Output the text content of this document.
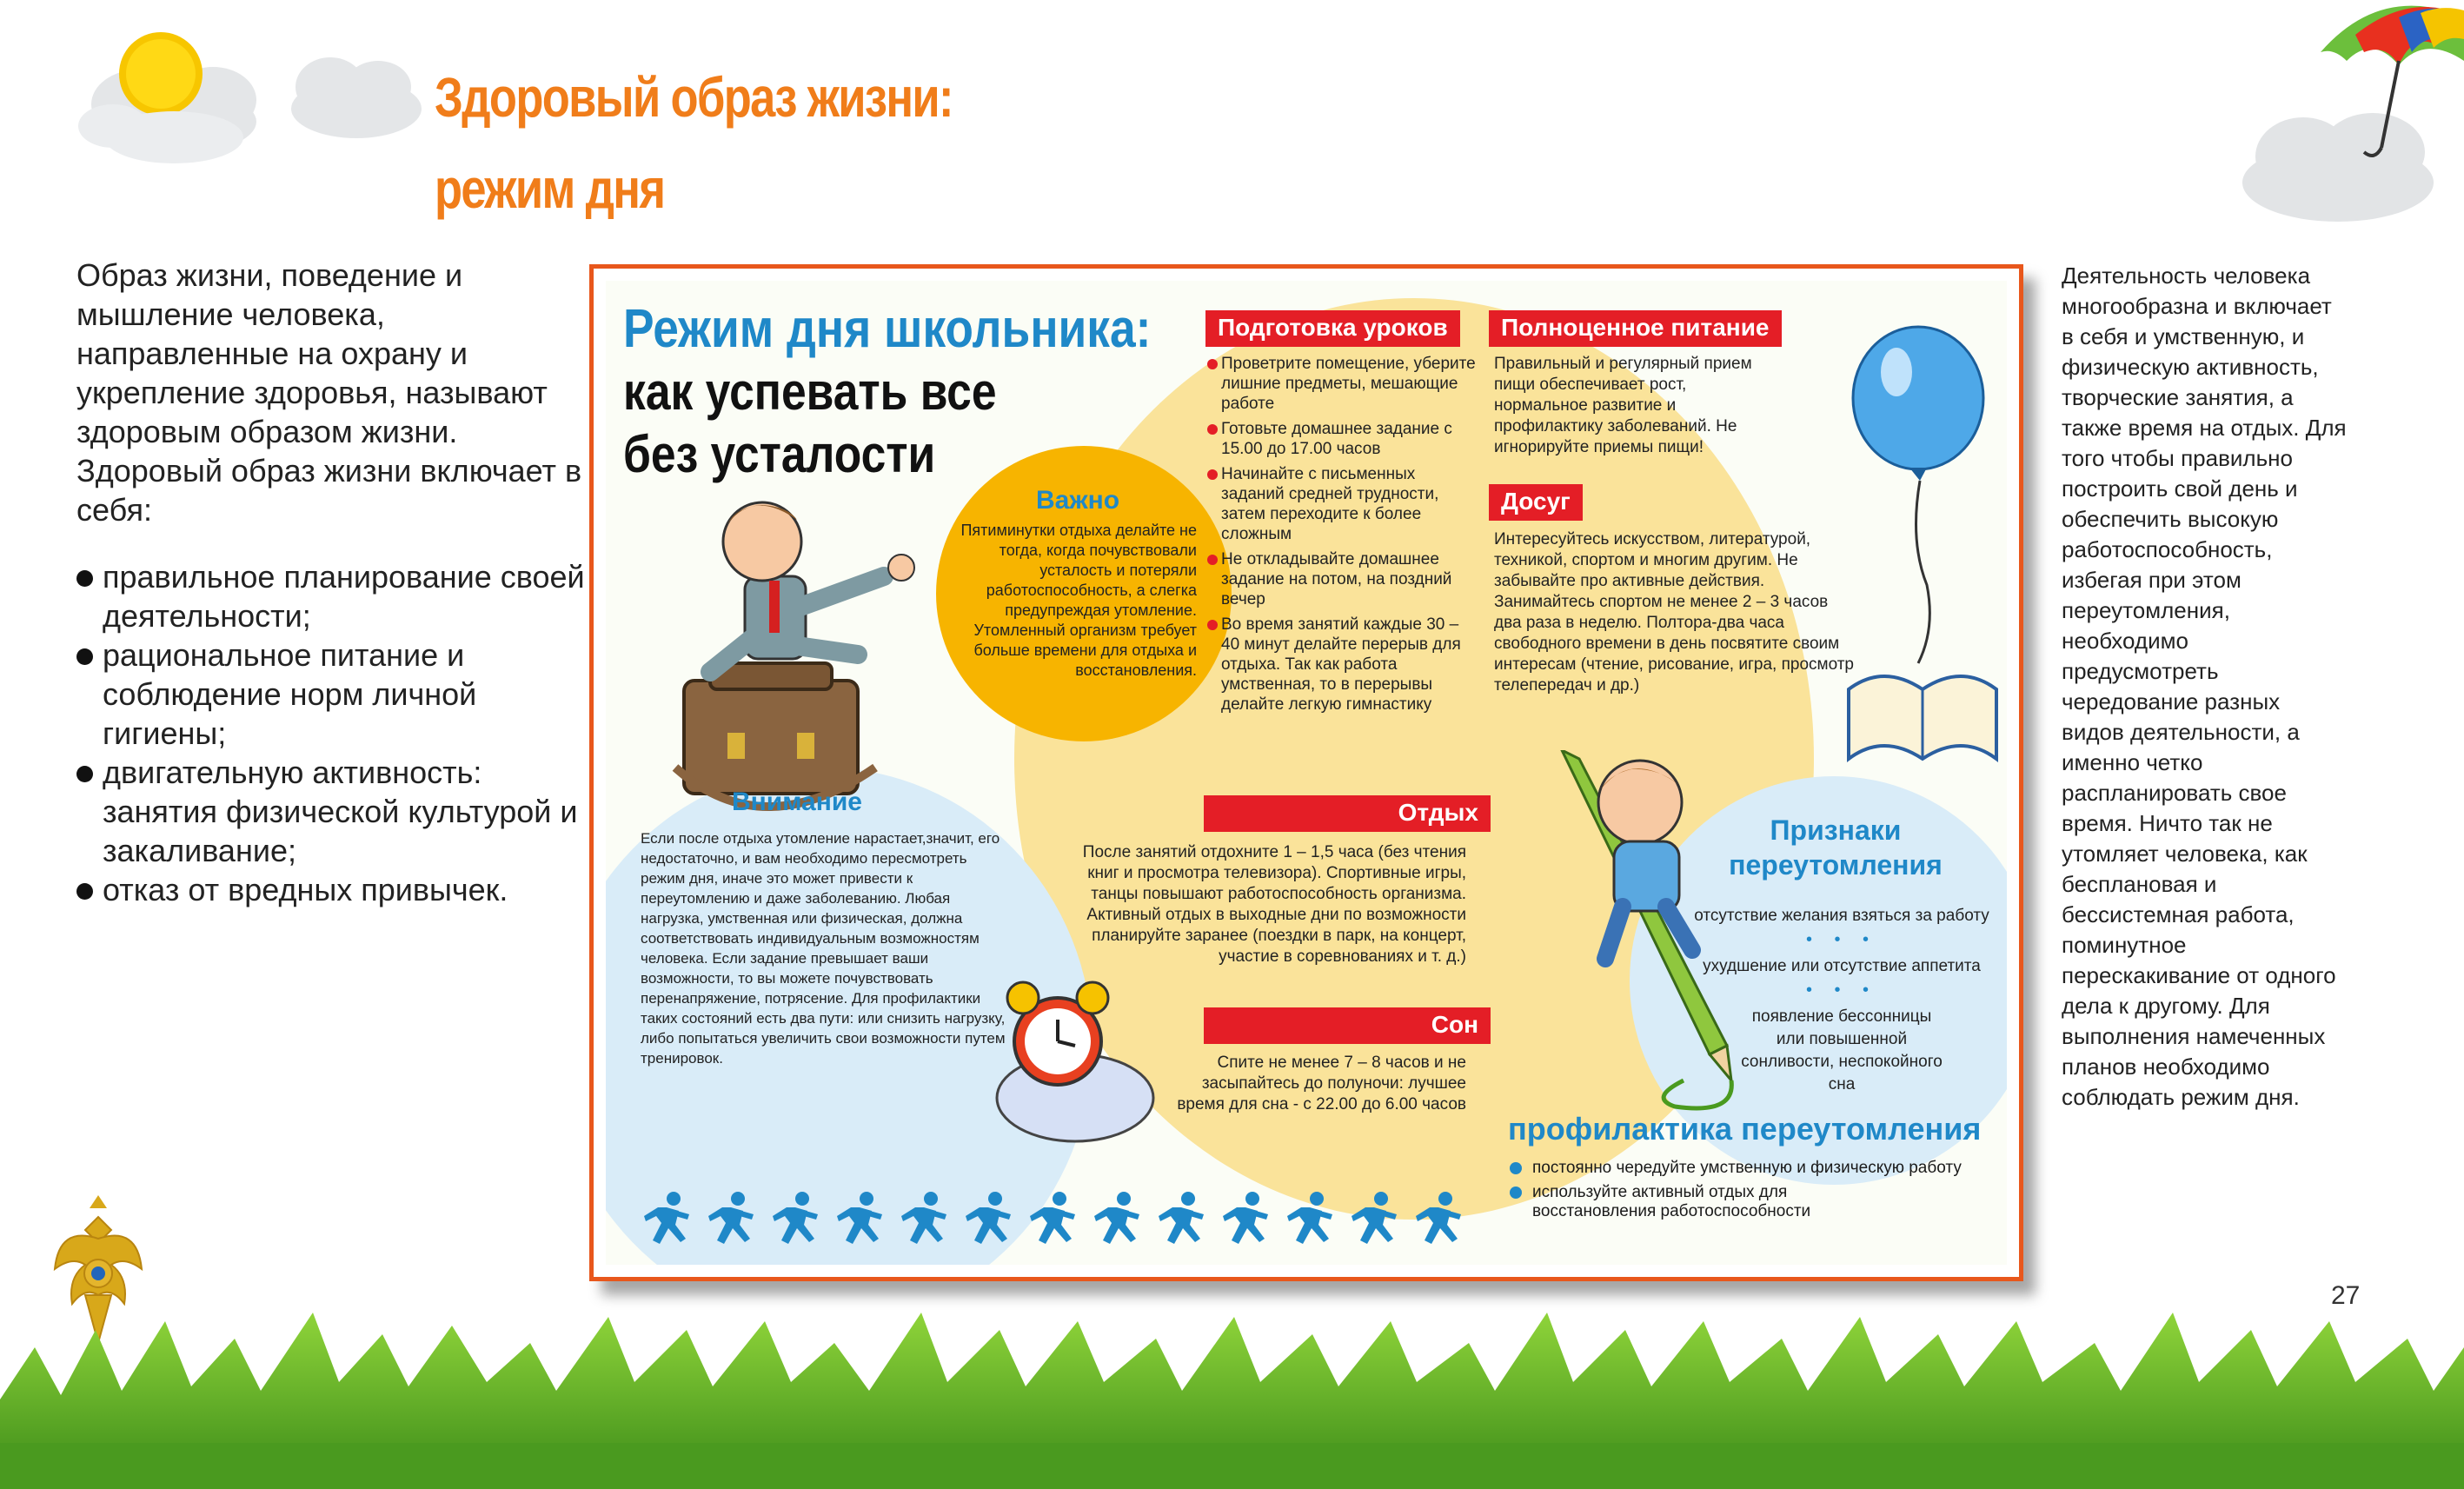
Здоровый образ жизни:
режим дня

Образ жизни, поведение и мышление человека, направленные на охрану и укрепление здоровья, называют здоровым образом жизни. Здоровый образ жизни включает в себя:

правильное планирование своей деятельности;
рациональное питание и соблюдение норм личной гигиены;
двигательную активность: занятия физической культурой и закаливание;
отказ от вредных привычек.
Деятельность человека многообразна и включает в себя и умственную, и физическую активность, творческие занятия, а также время на отдых. Для того чтобы правильно построить свой день и обеспечить высокую работоспособность, избегая при этом переутомления, необходимо предусмотреть чередование разных видов деятельности, а именно четко распланировать свое время. Ничто так не утомляет человека, как бесплановая и бессистемная работа, поминутное перескакивание от одного дела к другому. Для выполнения намеченных планов необходимо соблюдать режим дня.
27
Режим дня школьника:
как успевать все
без усталости
Важно
Пятиминутки отдыха делайте не тогда, когда почувствовали усталость и потеряли работоспособность, а слегка предупреждая утомление. Утомленный организм требует больше времени для отдыха и восстановления.
Внимание
Если после отдыха утомление нарастает,значит, его недостаточно, и вам необходимо пересмотреть режим дня, иначе это может привести к переутомлению и даже заболеванию. Любая нагрузка, умственная или физическая, должна соответствовать индивидуальным возможностям человека. Если задание превышает ваши возможности, то вы можете почувствовать перенапряжение, потрясение. Для профилактики таких состояний есть два пути: или снизить нагрузку, либо попытаться увеличить свои возможности путем тренировок.
Подготовка уроков
Проветрите помещение, уберите лишние предметы, мешающие работе
Готовьте домашнее задание с 15.00 до 17.00 часов
Начинайте с письменных заданий средней трудности, затем переходите к более сложным
Не откладывайте домашнее задание на потом, на поздний вечер
Во время занятий каждые 30 – 40 минут делайте перерыв для отдыха. Так как работа умственная, то в перерывы делайте легкую гимнастику
Полноценное питание
Правильный и регулярный прием пищи обеспечивает рост, нормальное развитие и профилактику заболеваний. Не игнорируйте приемы пищи!
Досуг
Интересуйтесь искусством, литературой, техникой, спортом и многим другим. Не забывайте про активные действия. Занимайтесь спортом не менее 2 – 3 часов два раза в неделю. Полтора-два часа свободного времени в день посвятите своим интересам (чтение, рисование, игра, просмотр телепередач и др.)
Отдых
После занятий отдохните 1 – 1,5 часа (без чтения книг и просмотра телевизора). Спортивные игры, танцы повышают работоспособность организма. Активный отдых в выходные дни по возможности планируйте заранее (поездки в парк, на концерт, участие в соревнованиях и т. д.)
Сон
Спите не менее 7 – 8 часов и не засыпайтесь до полуночи: лучшее время для сна - с 22.00 до 6.00 часов
Признаки переутомления
отсутствие желания взяться за работу
• • •
ухудшение или отсутствие аппетита
• • •
появление бессонницы или повышенной сонливости, неспокойного сна
профилактика переутомления
постоянно чередуйте умственную и физическую работу
используйте активный отдых для восстановления работоспособности
